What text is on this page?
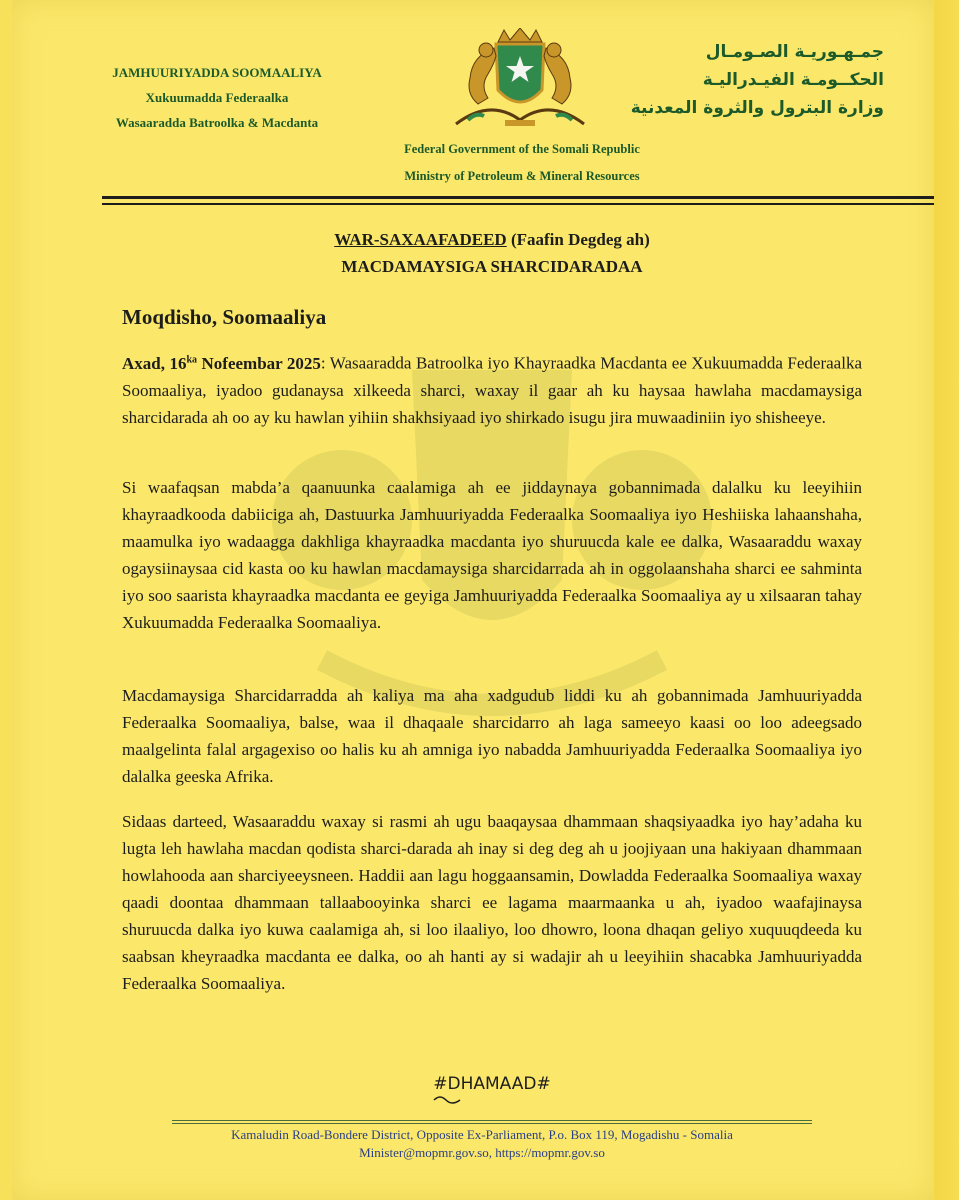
JAMHUURIYADDA SOOMAALIYA
Xukuumadda Federaalka
Wasaaradda Batroolka & Macdanta
جمـهـوريـة الصـومـال
الحكــومـة الفيـدراليـة
وزارة البترول والثروة المعدنية
Federal Government of the Somali Republic
Ministry of Petroleum & Mineral Resources
WAR-SAXAAFADEED (Faafin Degdeg ah)
MACDAMAYSIGA SHARCIDARADAA
Moqdisho, Soomaaliya
Axad, $16^{ka}$ Nofeembar 2025: Wasaaradda Batroolka iyo Khayraadka Macdanta ee Xukuumadda Federaalka Soomaaliya, iyadoo gudanaysa xilkeeda sharci, waxay il gaar ah ku haysaa hawlaha macdamaysiga sharcidarada ah oo ay ku hawlan yihiin shakhsiyaad iyo shirkado isugu jira muwaadiniin iyo shisheeye.
Si waafaqsan mabda’a qaanuunka caalamiga ah ee jiddaynaya gobannimada dalalku ku leeyihiin khayraadkooda dabiiciga ah, Dastuurka Jamhuuriyadda Federaalka Soomaaliya iyo Heshiiska lahaanshaha, maamulka iyo wadaagga dakhliga khayraadka macdanta iyo shuruucda kale ee dalka, Wasaaraddu waxay ogaysiinaysaa cid kasta oo ku hawlan macdamaysiga sharcidarrada ah in oggolaanshaha sharci ee sahminta iyo soo saarista khayraadka macdanta ee geyiga Jamhuuriyadda Federaalka Soomaaliya ay u xilsaaran tahay Xukuumadda Federaalka Soomaaliya.
Macdamaysiga Sharcidarradda ah kaliya ma aha xadgudub liddi ku ah gobannimada Jamhuuriyadda Federaalka Soomaaliya, balse, waa il dhaqaale sharcidarro ah laga sameeyo kaasi oo loo adeegsado maalgelinta falal argagexiso oo halis ku ah amniga iyo nabadda Jamhuuriyadda Federaalka Soomaaliya iyo dalalka geeska Afrika.
Sidaas darteed, Wasaaraddu waxay si rasmi ah ugu baaqaysaa dhammaan shaqsiyaadka iyo hay’adaha ku lugta leh hawlaha macdan qodista sharci-darada ah inay si deg deg ah u joojiyaan una hakiyaan dhammaan howlahooda aan sharciyeeysneen. Haddii aan lagu hoggaansamin, Dowladda Federaalka Soomaaliya waxay qaadi doontaa dhammaan tallaabooyinka sharci ee lagama maarmaanka u ah, iyadoo waafajinaysa shuruucda dalka iyo kuwa caalamiga ah, si loo ilaaliyo, loo dhowro, loona dhaqan geliyo xuquuqdeeda ku saabsan kheyraadka macdanta ee dalka, oo ah hanti ay si wadajir ah u leeyihiin shacabka Jamhuuriyadda Federaalka Soomaaliya.
#DHAMAAD#
Kamaludin Road-Bondere District, Opposite Ex-Parliament, P.o. Box 119, Mogadishu - Somalia
Minister@mopmr.gov.so, https://mopmr.gov.so
